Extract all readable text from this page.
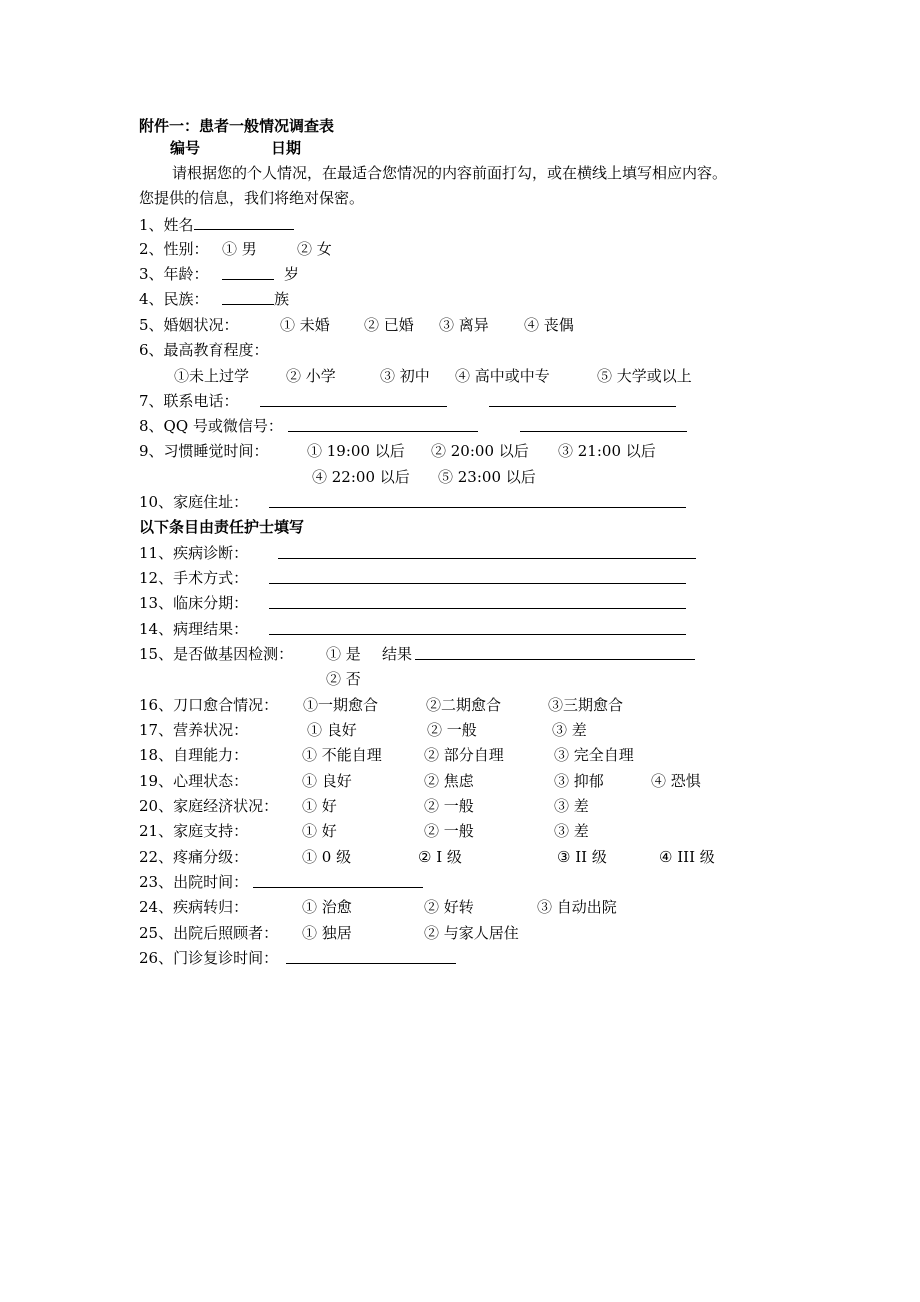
附件一：患者一般情况调查表
编号	日期
请根据您的个人情况，在最适合您情况的内容前面打勾，或在横线上填写相应内容。
您提供的信息，我们将绝对保密。
1、姓名
2、性别： ① 男	② 女
3、年龄：	岁
4、民族：	族
5、婚姻状况：	① 未婚 ② 已婚 ③ 离异 ④ 丧偶
6、最高教育程度：
①未上过学 ② 小学	③ 初中 ④ 高中或中专	⑤ 大学或以上
7、联系电话：
8、QQ 号或微信号：
9、习惯睡觉时间：	① 19:00 以后 ② 20:00 以后 ③ 21:00 以后
④ 22:00 以后 ⑤ 23:00 以后
10、家庭住址：
以下条目由责任护士填写
11、疾病诊断：
12、手术方式：
13、临床分期：
14、病理结果：
15、是否做基因检测： ① 是 结果
② 否
16、刀口愈合情况： ①一期愈合	②二期愈合	③三期愈合
17、营养状况：	① 良好	② 一般	③ 差
18、自理能力：	① 不能自理	② 部分自理	③ 完全自理
19、心理状态：	① 良好	② 焦虑	③ 抑郁	④ 恐惧
20、家庭经济状况： ① 好	② 一般	③ 差
21、家庭支持：	① 好	② 一般	③ 差
22、疼痛分级：	① 0 级	② I 级	③ II 级	④ III 级
23、出院时间：
24、疾病转归：	① 治愈	② 好转	③ 自动出院
25、出院后照顾者： ① 独居	② 与家人居住
26、门诊复诊时间：
